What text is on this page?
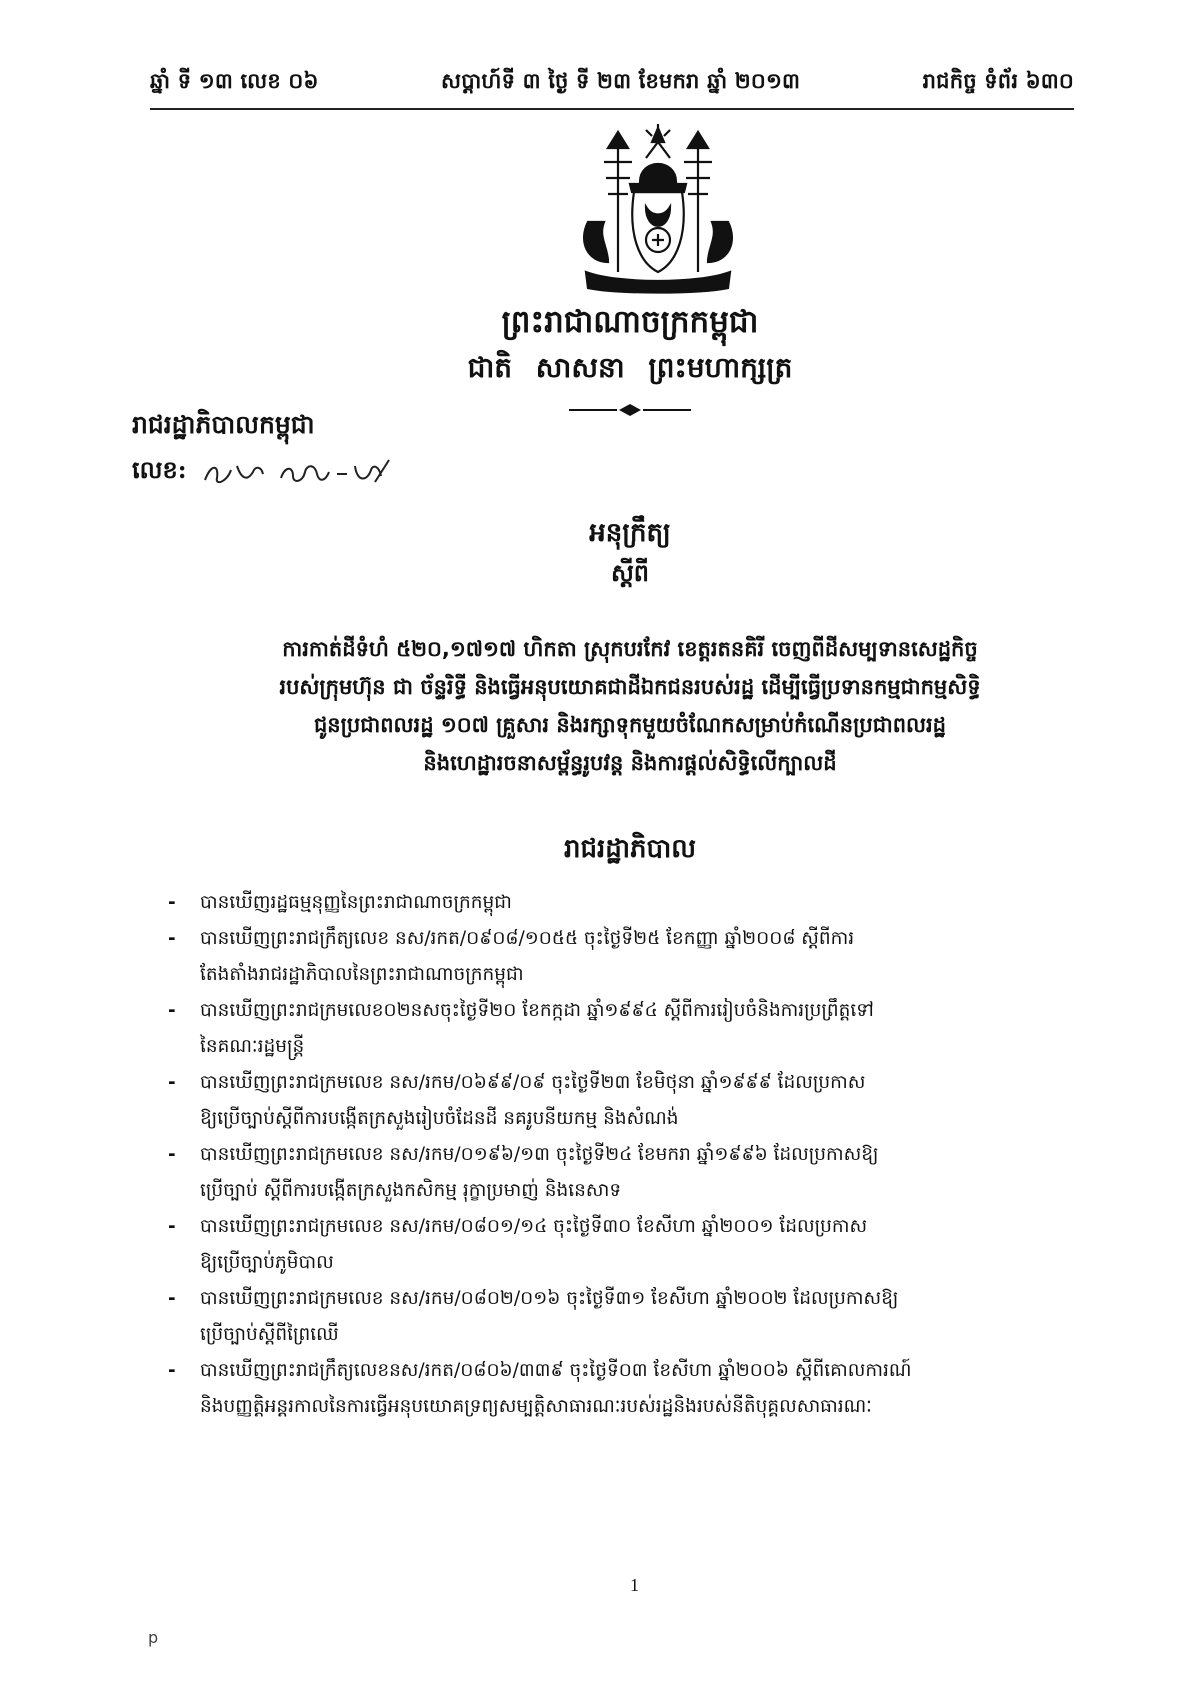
ឆ្នាំ ទី ១៣ លេខ ០៦	សប្តាហ៍ទី ៣ ថ្ងៃ ទី ២៣ ខែមករា ឆ្នាំ ២០១៣	រាជកិច្ច ទំព័រ ៦៣០
ព្រះរាជាណាចក្រកម្ពុជា
ជាតិ សាសនា ព្រះមហាក្សត្រ
រាជរដ្ឋាភិបាលកម្ពុជា
លេខ:
អនុក្រឹត្យ
ស្តីពី
ការកាត់ដីទំហំ ៥២០,១៧១៧ ហិកតា ស្រុកបរកែវ ខេត្តរតនគិរី ចេញពីដីសម្បទានសេដ្ឋកិច្ច
របស់ក្រុមហ៊ុន ជា ច័ន្ទរិទ្ធី និងធ្វើអនុបយោគជាដីឯកជនរបស់រដ្ឋ ដើម្បីធ្វើប្រទានកម្មជាកម្មសិទ្ធិ
ជូនប្រជាពលរដ្ឋ ១០៧ គ្រួសារ និងរក្សាទុកមួយចំណែកសម្រាប់កំណើនប្រជាពលរដ្ឋ
និងហេដ្ឋារចនាសម្ព័ន្ធរូបវន្ត និងការផ្តល់សិទ្ធិលើក្បាលដី
រាជរដ្ឋាភិបាល
- បានឃើញរដ្ឋធម្មនុញ្ញនៃព្រះរាជាណាចក្រកម្ពុជា
- បានឃើញព្រះរាជក្រឹត្យលេខ នស/រកត/០៩០៨/១០៥៥ ចុះថ្ងៃទី២៥ ខែកញ្ញា ឆ្នាំ២០០៨ ស្តីពីការ
តែងតាំងរាជរដ្ឋាភិបាលនៃព្រះរាជាណាចក្រកម្ពុជា
- បានឃើញព្រះរាជក្រមលេខ០២នសចុះថ្ងៃទី២០ ខែកក្កដា ឆ្នាំ១៩៩៤ ស្តីពីការរៀបចំនិងការប្រព្រឹត្តទៅ
នៃគណៈរដ្ឋមន្ត្រី
- បានឃើញព្រះរាជក្រមលេខ នស/រកម/០៦៩៩/០៩ ចុះថ្ងៃទី២៣ ខែមិថុនា ឆ្នាំ១៩៩៩ ដែលប្រកាស
ឱ្យប្រើច្បាប់ស្តីពីការបង្កើតក្រសួងរៀបចំដែនដី នគរូបនីយកម្ម និងសំណង់
- បានឃើញព្រះរាជក្រមលេខ នស/រកម/០១៩៦/១៣ ចុះថ្ងៃទី២៤ ខែមករា ឆ្នាំ១៩៩៦ ដែលប្រកាសឱ្យ
ប្រើច្បាប់ ស្តីពីការបង្កើតក្រសួងកសិកម្ម រុក្ខាប្រមាញ់ និងនេសាទ
- បានឃើញព្រះរាជក្រមលេខ នស/រកម/០៨០១/១៤ ចុះថ្ងៃទី៣០ ខែសីហា ឆ្នាំ២០០១ ដែលប្រកាស
ឱ្យប្រើច្បាប់ភូមិបាល
- បានឃើញព្រះរាជក្រមលេខ នស/រកម/០៨០២/០១៦ ចុះថ្ងៃទី៣១ ខែសីហា ឆ្នាំ២០០២ ដែលប្រកាសឱ្យ
ប្រើច្បាប់ស្តីពីព្រៃឈើ
- បានឃើញព្រះរាជក្រឹត្យលេខនស/រកត/០៨០៦/៣៣៩ ចុះថ្ងៃទី០៣ ខែសីហា ឆ្នាំ២០០៦ ស្តីពីគោលការណ៍
និងបញ្ញត្តិអន្តរកាលនៃការធ្វើអនុបយោគទ្រព្យសម្បត្តិសាធារណៈរបស់រដ្ឋនិងរបស់នីតិបុគ្គលសាធារណៈ
1
p
